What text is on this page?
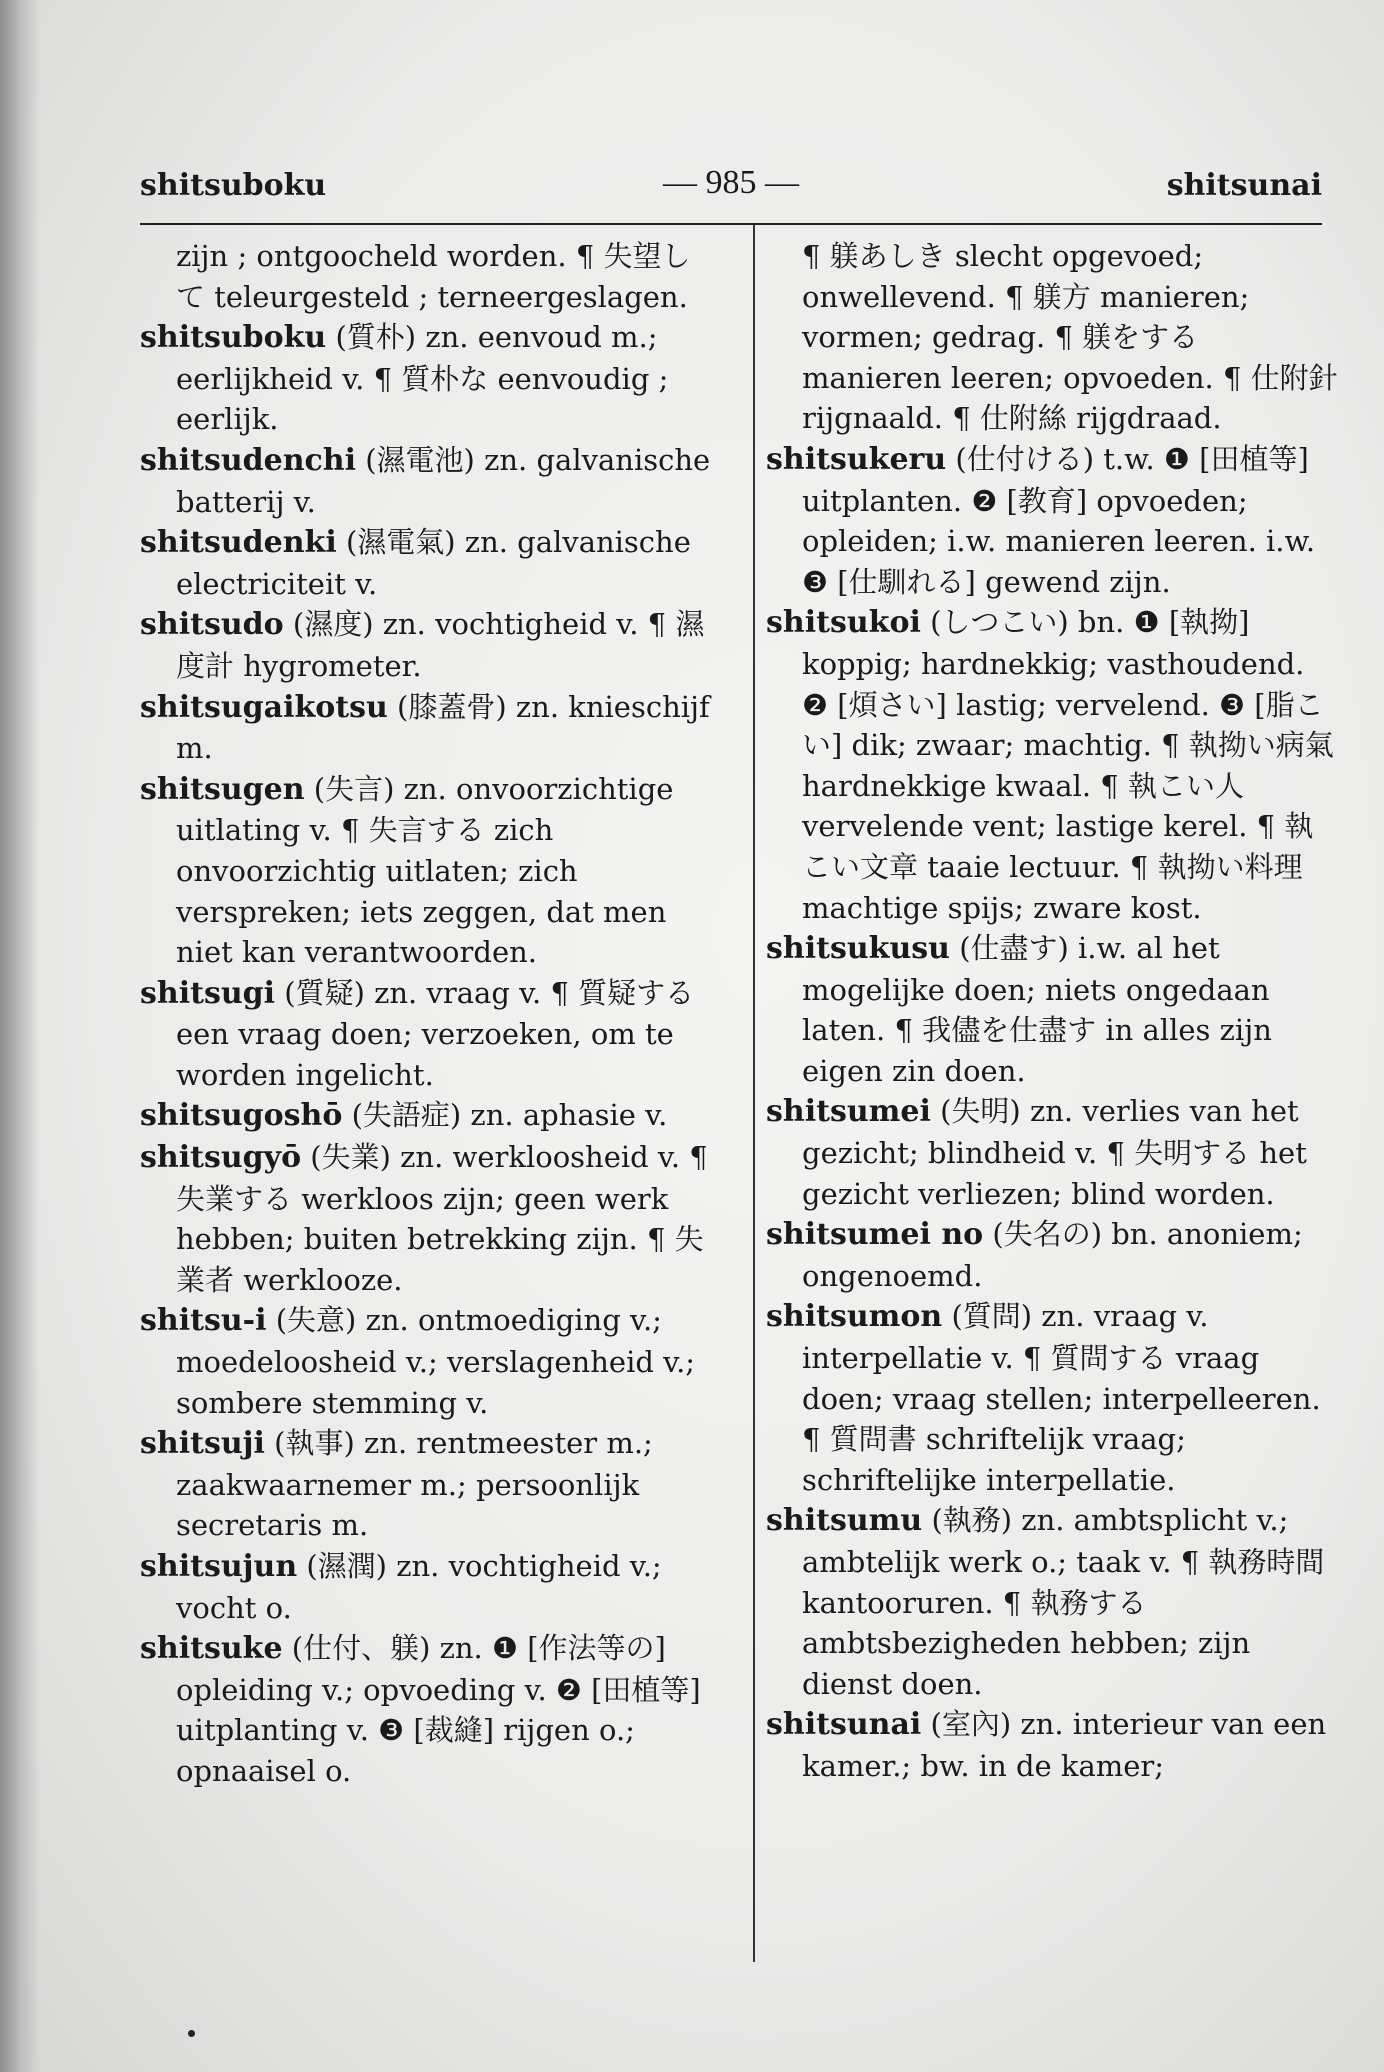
shitsuboku	— 985 —	shitsunai

zijn ; ontgoocheld worden. ¶ 失望して teleurgesteld ; terneergeslagen.

shitsuboku (質朴) zn. eenvoud m.; eerlijkheid v. ¶ 質朴な eenvoudig ; eerlijk.

shitsudenchi (濕電池) zn. galvanische batterij v.

shitsudenki (濕電氣) zn. galvanische electriciteit v.

shitsudo (濕度) zn. vochtigheid v. ¶ 濕度計 hygrometer.

shitsugaikotsu (膝蓋骨) zn. knieschijf m.

shitsugen (失言) zn. onvoorzichtige uitlating v. ¶ 失言する zich onvoorzichtig uitlaten; zich verspreken; iets zeggen, dat men niet kan verantwoorden.

shitsugi (質疑) zn. vraag v. ¶ 質疑する een vraag doen; verzoeken, om te worden ingelicht.

shitsugoshō (失語症) zn. aphasie v.

shitsugyō (失業) zn. werkloosheid v. ¶ 失業する werkloos zijn; geen werk hebben; buiten betrekking zijn. ¶ 失業者 werklooze.

shitsu-i (失意) zn. ontmoediging v.; moedeloosheid v.; verslagenheid v.; sombere stemming v.

shitsuji (執事) zn. rentmeester m.; zaakwaarnemer m.; persoonlijk secretaris m.

shitsujun (濕潤) zn. vochtigheid v.; vocht o.

shitsuke (仕付、躾) zn. ❶ [作法等の] opleiding v.; opvoeding v. ❷ [田植等] uitplanting v. ❸ [裁縫] rijgen o.; opnaaisel o.

¶ 躾あしき slecht opgevoed; onwellevend. ¶ 躾方 manieren; vormen; gedrag. ¶ 躾をする manieren leeren; opvoeden. ¶ 仕附針 rijgnaald. ¶ 仕附絲 rijgdraad.

shitsukeru (仕付ける) t.w. ❶ [田植等] uitplanten. ❷ [教育] opvoeden; opleiden; i.w. manieren leeren. i.w. ❸ [仕馴れる] gewend zijn.

shitsukoi (しつこい) bn. ❶ [執拗] koppig; hardnekkig; vasthoudend. ❷ [煩さい] lastig; vervelend. ❸ [脂こい] dik; zwaar; machtig. ¶ 執拗い病氣 hardnekkige kwaal. ¶ 執こい人 vervelende vent; lastige kerel. ¶ 執こい文章 taaie lectuur. ¶ 執拗い料理 machtige spijs; zware kost.

shitsukusu (仕盡す) i.w. al het mogelijke doen; niets ongedaan laten. ¶ 我儘を仕盡す in alles zijn eigen zin doen.

shitsumei (失明) zn. verlies van het gezicht; blindheid v. ¶ 失明する het gezicht verliezen; blind worden.

shitsumei no (失名の) bn. anoniem; ongenoemd.

shitsumon (質問) zn. vraag v. interpellatie v. ¶ 質問する vraag doen; vraag stellen; interpelleeren. ¶ 質問書 schriftelijk vraag; schriftelijke interpellatie.

shitsumu (執務) zn. ambtsplicht v.; ambtelijk werk o.; taak v. ¶ 執務時間 kantooruren. ¶ 執務する ambtsbezigheden hebben; zijn dienst doen.

shitsunai (室內) zn. interieur van een kamer.; bw. in de kamer;
